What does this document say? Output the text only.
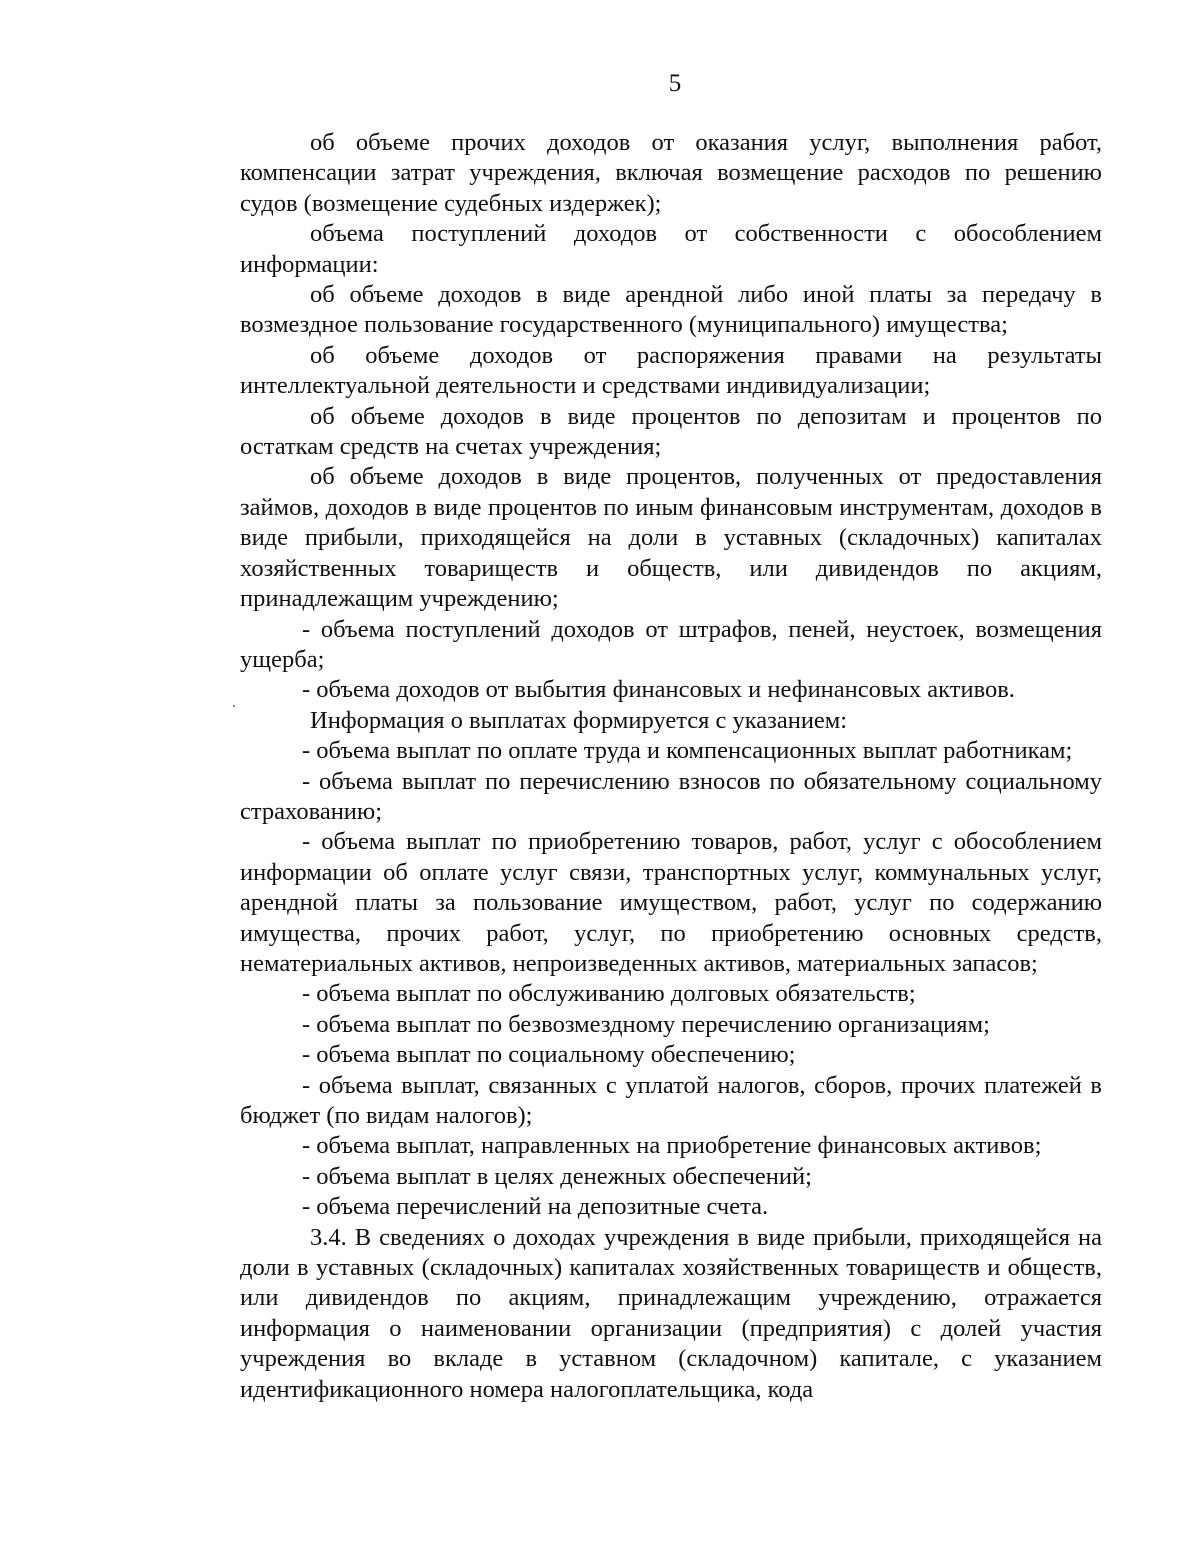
5

об объеме прочих доходов от оказания услуг, выполнения работ, компенсации затрат учреждения, включая возмещение расходов по решению судов (возмещение судебных издержек);

объема поступлений доходов от собственности с обособлением информации:

об объеме доходов в виде арендной либо иной платы за передачу в возмездное пользование государственного (муниципального) имущества;

об объеме доходов от распоряжения правами на результаты интеллектуальной деятельности и средствами индивидуализации;

об объеме доходов в виде процентов по депозитам и процентов по остаткам средств на счетах учреждения;

об объеме доходов в виде процентов, полученных от предоставления займов, доходов в виде процентов по иным финансовым инструментам, доходов в виде прибыли, приходящейся на доли в уставных (складочных) капиталах хозяйственных товариществ и обществ, или дивидендов по акциям, принадлежащим учреждению;

- объема поступлений доходов от штрафов, пеней, неустоек, возмещения ущерба;

- объема доходов от выбытия финансовых и нефинансовых активов.

Информация о выплатах формируется с указанием:

- объема выплат по оплате труда и компенсационных выплат работникам;

- объема выплат по перечислению взносов по обязательному социальному страхованию;

- объема выплат по приобретению товаров, работ, услуг с обособлением информации об оплате услуг связи, транспортных услуг, коммунальных услуг, арендной платы за пользование имуществом, работ, услуг по содержанию имущества, прочих работ, услуг, по приобретению основных средств, нематериальных активов, непроизведенных активов, материальных запасов;

- объема выплат по обслуживанию долговых обязательств;

- объема выплат по безвозмездному перечислению организациям;

- объема выплат по социальному обеспечению;

- объема выплат, связанных с уплатой налогов, сборов, прочих платежей в бюджет (по видам налогов);

- объема выплат, направленных на приобретение финансовых активов;

- объема выплат в целях денежных обеспечений;

- объема перечислений на депозитные счета.

3.4. В сведениях о доходах учреждения в виде прибыли, приходящейся на доли в уставных (складочных) капиталах хозяйственных товариществ и обществ, или дивидендов по акциям, принадлежащим учреждению, отражается информация о наименовании организации (предприятия) с долей участия учреждения во вкладе в уставном (складочном) капитале, с указанием идентификационного номера налогоплательщика, кода
